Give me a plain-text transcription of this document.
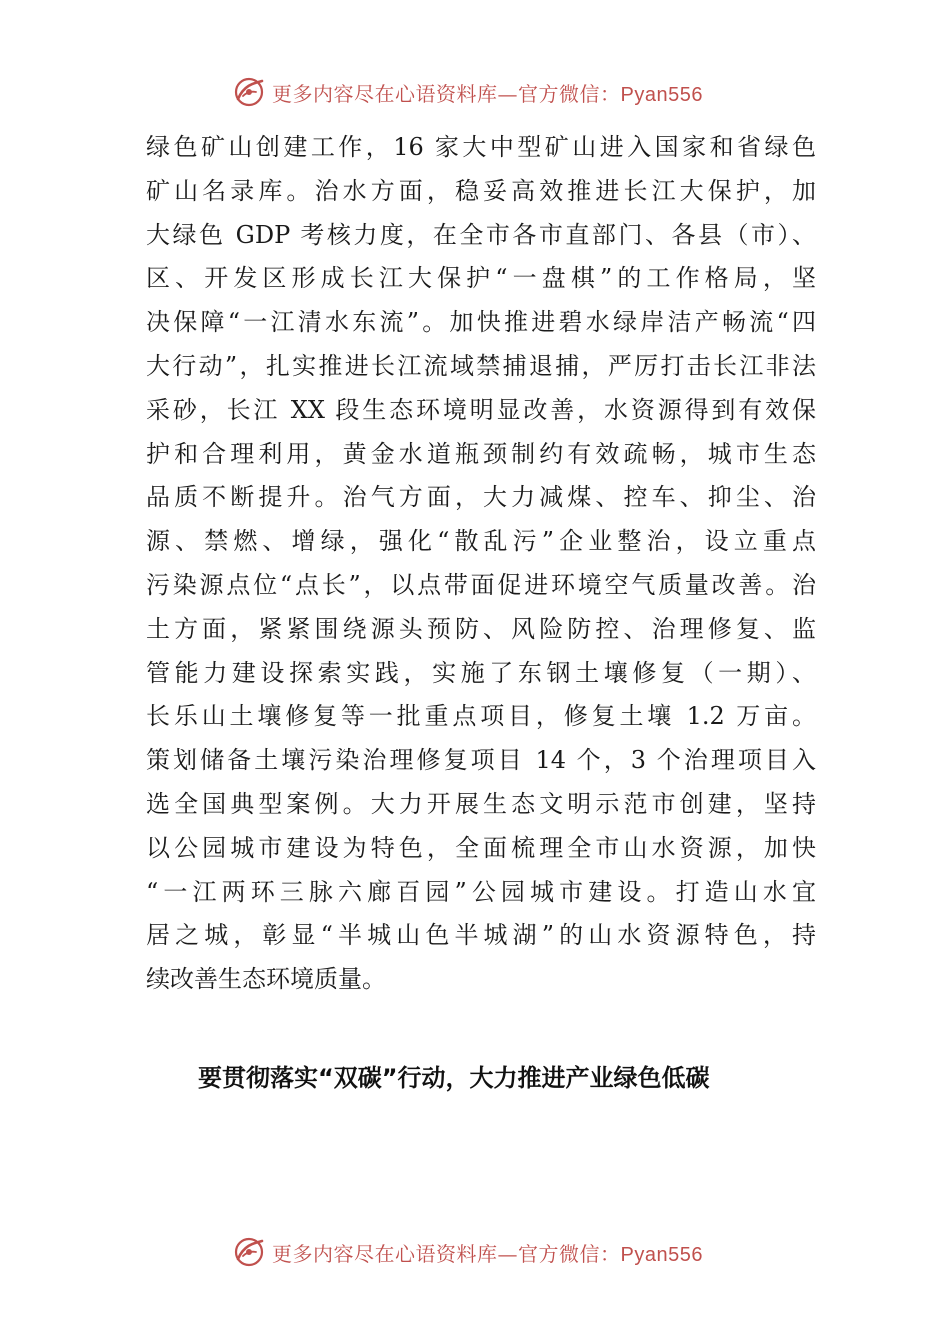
更多内容尽在心语资料库—官方微信：Pyan556
绿色矿山创建工作，16 家大中型矿山进入国家和省绿色
矿山名录库。治水方面，稳妥高效推进长江大保护，加
大绿色 GDP 考核力度，在全市各市直部门、各县（市）、
区、开发区形成长江大保护“一盘棋”的工作格局，坚
决保障“一江清水东流”。加快推进碧水绿岸洁产畅流“四
大行动”，扎实推进长江流域禁捕退捕，严厉打击长江非法
采砂，长江 XX 段生态环境明显改善，水资源得到有效保
护和合理利用，黄金水道瓶颈制约有效疏畅，城市生态
品质不断提升。治气方面，大力减煤、控车、抑尘、治
源、禁燃、增绿，强化“散乱污”企业整治，设立重点
污染源点位“点长”，以点带面促进环境空气质量改善。治
土方面，紧紧围绕源头预防、风险防控、治理修复、监
管能力建设探索实践，实施了东钢土壤修复（一期）、
长乐山土壤修复等一批重点项目，修复土壤 1.2 万亩。
策划储备土壤污染治理修复项目 14 个，3 个治理项目入
选全国典型案例。大力开展生态文明示范市创建，坚持
以公园城市建设为特色，全面梳理全市山水资源，加快
“一江两环三脉六廊百园”公园城市建设。打造山水宜
居之城，彰显“半城山色半城湖”的山水资源特色，持
续改善生态环境质量。
要贯彻落实“双碳”行动，大力推进产业绿色低碳
更多内容尽在心语资料库—官方微信：Pyan556
